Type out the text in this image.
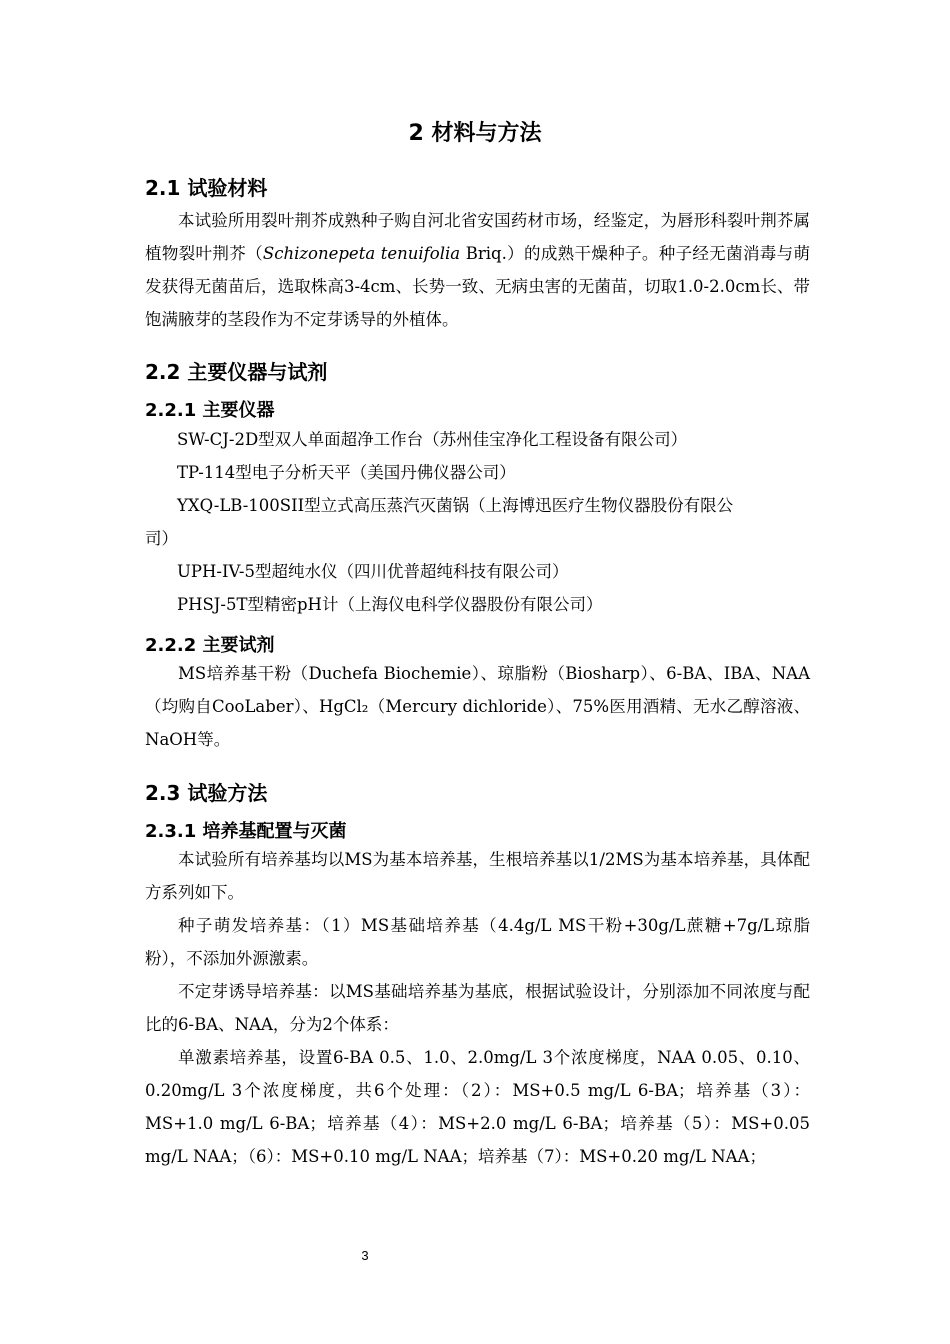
2 材料与方法
2.1 试验材料
本试验所用裂叶荆芥成熟种子购自河北省安国药材市场，经鉴定，为唇形科裂叶荆芥属植物裂叶荆芥（Schizonepeta tenuifolia Briq.）的成熟干燥种子。种子经无菌消毒与萌发获得无菌苗后，选取株高3-4cm、长势一致、无病虫害的无菌苗，切取1.0-2.0cm长、带饱满腋芽的茎段作为不定芽诱导的外植体。
2.2 主要仪器与试剂
2.2.1 主要仪器
SW-CJ-2D型双人单面超净工作台（苏州佳宝净化工程设备有限公司）
TP-114型电子分析天平（美国丹佛仪器公司）
YXQ-LB-100SII型立式高压蒸汽灭菌锅（上海博迅医疗生物仪器股份有限公
司）
UPH-IV-5型超纯水仪（四川优普超纯科技有限公司）
PHSJ-5T型精密pH计（上海仪电科学仪器股份有限公司）
2.2.2 主要试剂
MS培养基干粉（Duchefa Biochemie）、琼脂粉（Biosharp）、6-BA、IBA、NAA（均购自CooLaber）、HgCl₂（Mercury dichloride）、75%医用酒精、无水乙醇溶液、NaOH等。
2.3 试验方法
2.3.1 培养基配置与灭菌
本试验所有培养基均以MS为基本培养基，生根培养基以1/2MS为基本培养基，具体配方系列如下。
种子萌发培养基：（1）MS基础培养基（4.4g/L MS干粉+30g/L蔗糖+7g/L琼脂粉），不添加外源激素。
不定芽诱导培养基：以MS基础培养基为基底，根据试验设计，分别添加不同浓度与配比的6-BA、NAA，分为2个体系：
单激素培养基，设置6-BA 0.5、1.0、2.0mg/L 3个浓度梯度，NAA 0.05、0.10、0.20mg/L 3个浓度梯度，共6个处理：（2）：MS+0.5 mg/L 6-BA；培养基（3）：MS+1.0 mg/L 6-BA；培养基（4）：MS+2.0 mg/L 6-BA；培养基（5）：MS+0.05 mg/L NAA；（6）：MS+0.10 mg/L NAA；培养基（7）：MS+0.20 mg/L NAA；
3
